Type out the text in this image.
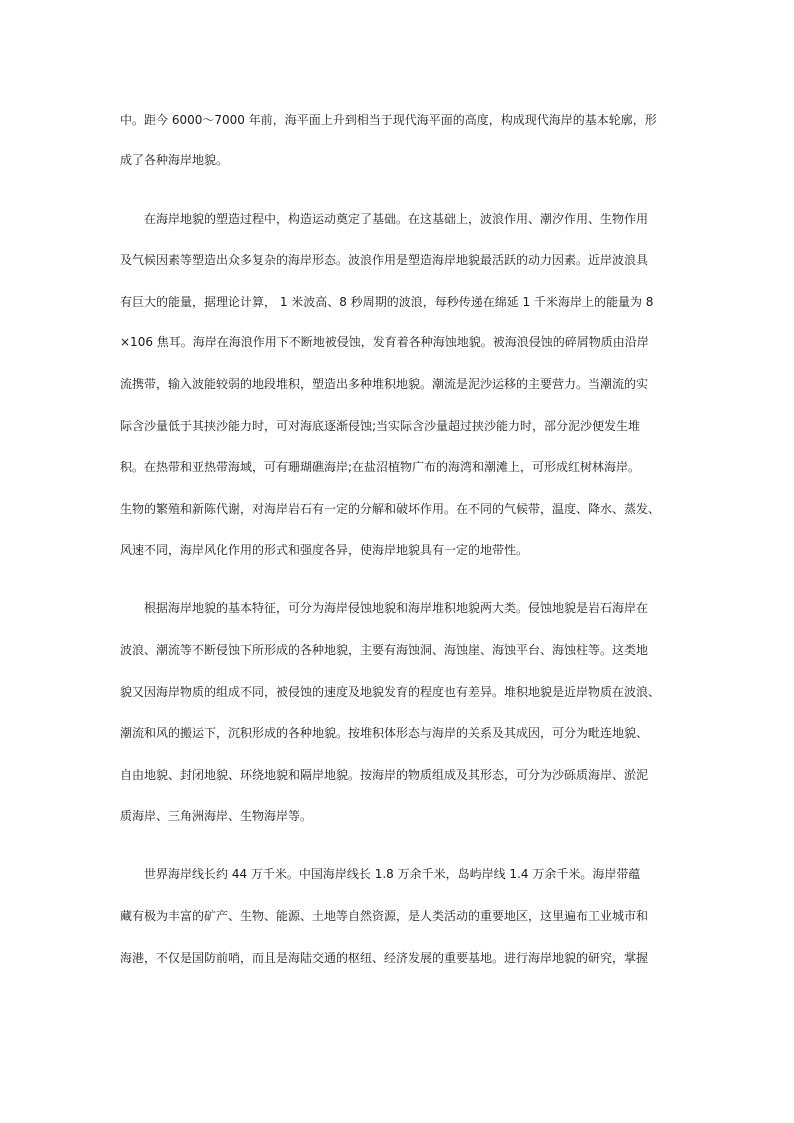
中。距今 6000～7000 年前，海平面上升到相当于现代海平面的高度，构成现代海岸的基本轮廓，形
成了各种海岸地貌。
在海岸地貌的塑造过程中，构造运动奠定了基础。在这基础上，波浪作用、潮汐作用、生物作用
及气候因素等塑造出众多复杂的海岸形态。波浪作用是塑造海岸地貌最活跃的动力因素。近岸波浪具
有巨大的能量，据理论计算， 1 米波高、8 秒周期的波浪，每秒传递在绵延 1 千米海岸上的能量为 8
×106 焦耳。海岸在海浪作用下不断地被侵蚀，发育着各种海蚀地貌。被海浪侵蚀的碎屑物质由沿岸
流携带，输入波能较弱的地段堆积，塑造出多种堆积地貌。潮流是泥沙运移的主要营力。当潮流的实
际含沙量低于其挟沙能力时，可对海底逐渐侵蚀;当实际含沙量超过挟沙能力时，部分泥沙便发生堆
积。在热带和亚热带海域，可有珊瑚礁海岸;在盐沼植物广布的海湾和潮滩上，可形成红树林海岸。
生物的繁殖和新陈代谢，对海岸岩石有一定的分解和破坏作用。在不同的气候带，温度、降水、蒸发、
风速不同，海岸风化作用的形式和强度各异，使海岸地貌具有一定的地带性。
根据海岸地貌的基本特征，可分为海岸侵蚀地貌和海岸堆积地貌两大类。侵蚀地貌是岩石海岸在
波浪、潮流等不断侵蚀下所形成的各种地貌，主要有海蚀洞、海蚀崖、海蚀平台、海蚀柱等。这类地
貌又因海岸物质的组成不同，被侵蚀的速度及地貌发育的程度也有差异。堆积地貌是近岸物质在波浪、
潮流和风的搬运下，沉积形成的各种地貌。按堆积体形态与海岸的关系及其成因，可分为毗连地貌、
自由地貌、封闭地貌、环绕地貌和隔岸地貌。按海岸的物质组成及其形态，可分为沙砾质海岸、淤泥
质海岸、三角洲海岸、生物海岸等。
世界海岸线长约 44 万千米。中国海岸线长 1.8 万余千米，岛屿岸线 1.4 万余千米。海岸带蕴
藏有极为丰富的矿产、生物、能源、土地等自然资源，是人类活动的重要地区，这里遍布工业城市和
海港，不仅是国防前哨，而且是海陆交通的枢纽、经济发展的重要基地。进行海岸地貌的研究，掌握
